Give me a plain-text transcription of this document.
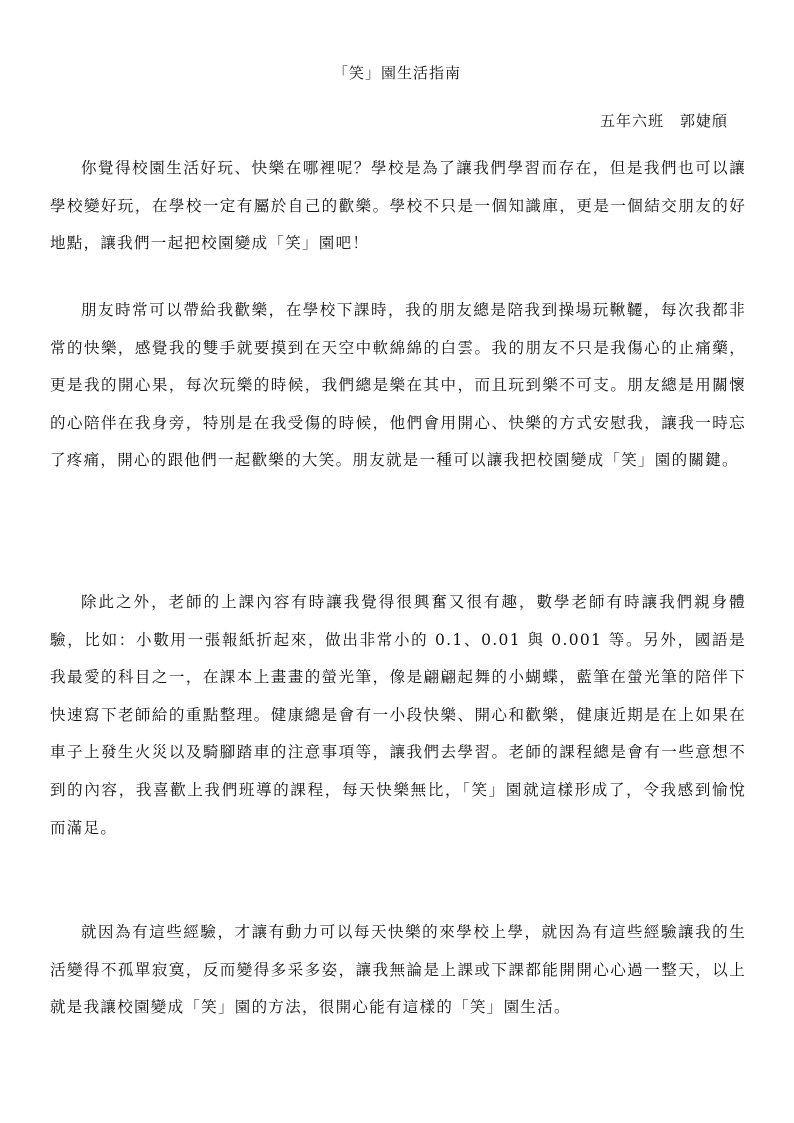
「笑」園生活指南
五年六班　郭婕頎

你覺得校園生活好玩、快樂在哪裡呢？學校是為了讓我們學習而存在，但是我們也可以讓學校變好玩，在學校一定有屬於自己的歡樂。學校不只是一個知識庫，更是一個結交朋友的好地點，讓我們一起把校園變成「笑」園吧！

朋友時常可以帶給我歡樂，在學校下課時，我的朋友總是陪我到操場玩鞦韆，每次我都非常的快樂，感覺我的雙手就要摸到在天空中軟綿綿的白雲。我的朋友不只是我傷心的止痛藥，更是我的開心果，每次玩樂的時候，我們總是樂在其中，而且玩到樂不可支。朋友總是用關懷的心陪伴在我身旁，特別是在我受傷的時候，他們會用開心、快樂的方式安慰我，讓我一時忘了疼痛，開心的跟他們一起歡樂的大笑。朋友就是一種可以讓我把校園變成「笑」園的關鍵。

除此之外，老師的上課內容有時讓我覺得很興奮又很有趣，數學老師有時讓我們親身體驗，比如：小數用一張報紙折起來，做出非常小的 0.1、0.01 與 0.001 等。另外，國語是我最愛的科目之一，在課本上畫畫的螢光筆，像是翩翩起舞的小蝴蝶，藍筆在螢光筆的陪伴下快速寫下老師給的重點整理。健康總是會有一小段快樂、開心和歡樂，健康近期是在上如果在車子上發生火災以及騎腳踏車的注意事項等，讓我們去學習。老師的課程總是會有一些意想不到的內容，我喜歡上我們班導的課程，每天快樂無比，「笑」園就這樣形成了，令我感到愉悅而滿足。

就因為有這些經驗，才讓有動力可以每天快樂的來學校上學，就因為有這些經驗讓我的生活變得不孤單寂寞，反而變得多采多姿，讓我無論是上課或下課都能開開心心過一整天，以上就是我讓校園變成「笑」園的方法，很開心能有這樣的「笑」園生活。
